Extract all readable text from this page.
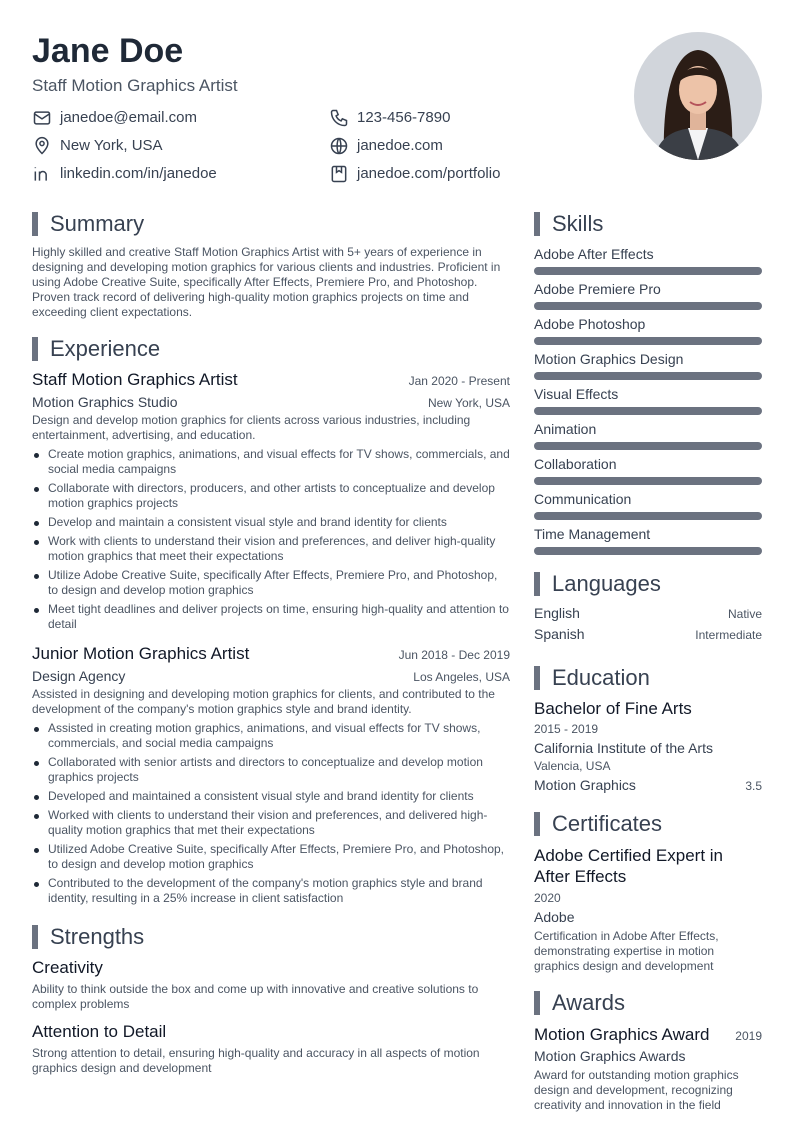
Jane Doe
Staff Motion Graphics Artist
janedoe@email.com	123-456-7890
New York, USA	janedoe.com
linkedin.com/in/janedoe	janedoe.com/portfolio
Summary
Highly skilled and creative Staff Motion Graphics Artist with 5+ years of experience in designing and developing motion graphics for various clients and industries. Proficient in using Adobe Creative Suite, specifically After Effects, Premiere Pro, and Photoshop. Proven track record of delivering high-quality motion graphics projects on time and exceeding client expectations.
Experience
Staff Motion Graphics Artist	Jan 2020 - Present
Motion Graphics Studio	New York, USA
Design and develop motion graphics for clients across various industries, including entertainment, advertising, and education.
Create motion graphics, animations, and visual effects for TV shows, commercials, and social media campaigns
Collaborate with directors, producers, and other artists to conceptualize and develop motion graphics projects
Develop and maintain a consistent visual style and brand identity for clients
Work with clients to understand their vision and preferences, and deliver high-quality motion graphics that meet their expectations
Utilize Adobe Creative Suite, specifically After Effects, Premiere Pro, and Photoshop, to design and develop motion graphics
Meet tight deadlines and deliver projects on time, ensuring high-quality and attention to detail
Junior Motion Graphics Artist	Jun 2018 - Dec 2019
Design Agency	Los Angeles, USA
Assisted in designing and developing motion graphics for clients, and contributed to the development of the company's motion graphics style and brand identity.
Assisted in creating motion graphics, animations, and visual effects for TV shows, commercials, and social media campaigns
Collaborated with senior artists and directors to conceptualize and develop motion graphics projects
Developed and maintained a consistent visual style and brand identity for clients
Worked with clients to understand their vision and preferences, and delivered high-quality motion graphics that met their expectations
Utilized Adobe Creative Suite, specifically After Effects, Premiere Pro, and Photoshop, to design and develop motion graphics
Contributed to the development of the company's motion graphics style and brand identity, resulting in a 25% increase in client satisfaction
Strengths
Creativity
Ability to think outside the box and come up with innovative and creative solutions to complex problems
Attention to Detail
Strong attention to detail, ensuring high-quality and accuracy in all aspects of motion graphics design and development
Skills
Adobe After Effects
Adobe Premiere Pro
Adobe Photoshop
Motion Graphics Design
Visual Effects
Animation
Collaboration
Communication
Time Management
Languages
English	Native
Spanish	Intermediate
Education
Bachelor of Fine Arts
2015 - 2019
California Institute of the Arts
Valencia, USA
Motion Graphics	3.5
Certificates
Adobe Certified Expert in After Effects
2020
Adobe
Certification in Adobe After Effects, demonstrating expertise in motion graphics design and development
Awards
Motion Graphics Award 2019
Motion Graphics Awards
Award for outstanding motion graphics design and development, recognizing creativity and innovation in the field
